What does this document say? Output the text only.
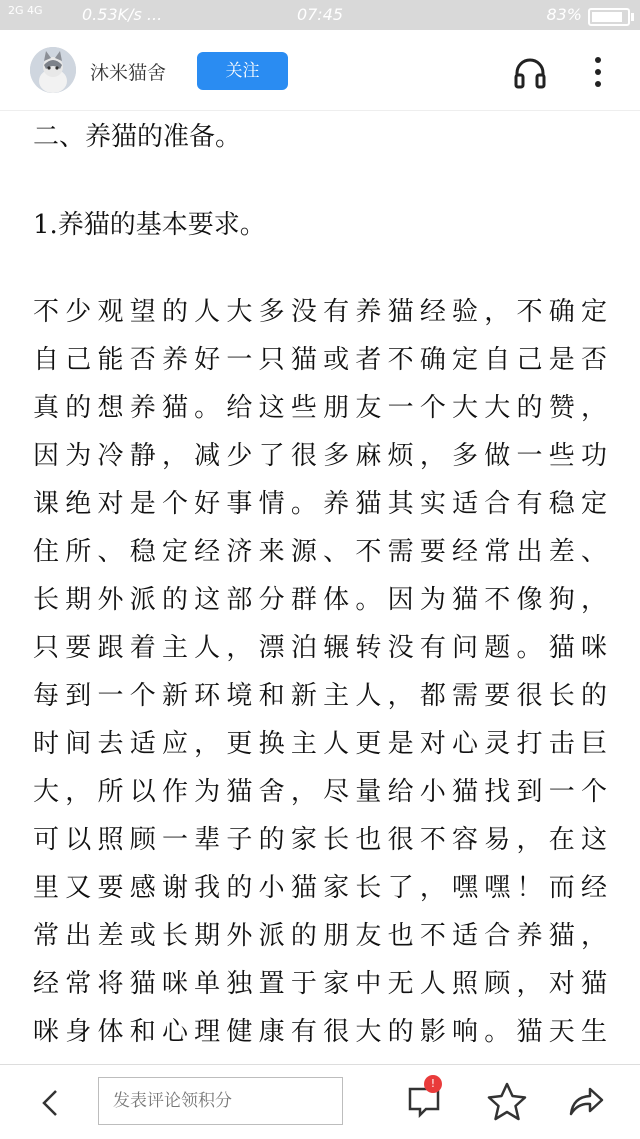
2G 4G 0.53K/s ...	07:45	83%
沐米猫舍	关注

二、养猫的准备。

1.养猫的基本要求。

不少观望的人大多没有养猫经验，不确定自己能否养好一只猫或者不确定自己是否真的想养猫。给这些朋友一个大大的赞，因为冷静，减少了很多麻烦，多做一些功课绝对是个好事情。养猫其实适合有稳定住所、稳定经济来源、不需要经常出差、长期外派的这部分群体。因为猫不像狗，只要跟着主人，漂泊辗转没有问题。猫咪每到一个新环境和新主人，都需要很长的时间去适应，更换主人更是对心灵打击巨大，所以作为猫舍，尽量给小猫找到一个可以照顾一辈子的家长也很不容易，在这里又要感谢我的小猫家长了，嘿嘿！而经常出差或长期外派的朋友也不适合养猫，经常将猫咪单独置于家中无人照顾，对猫咪身体和心理健康有很大的影响。猫天生

发表评论领积分
!
